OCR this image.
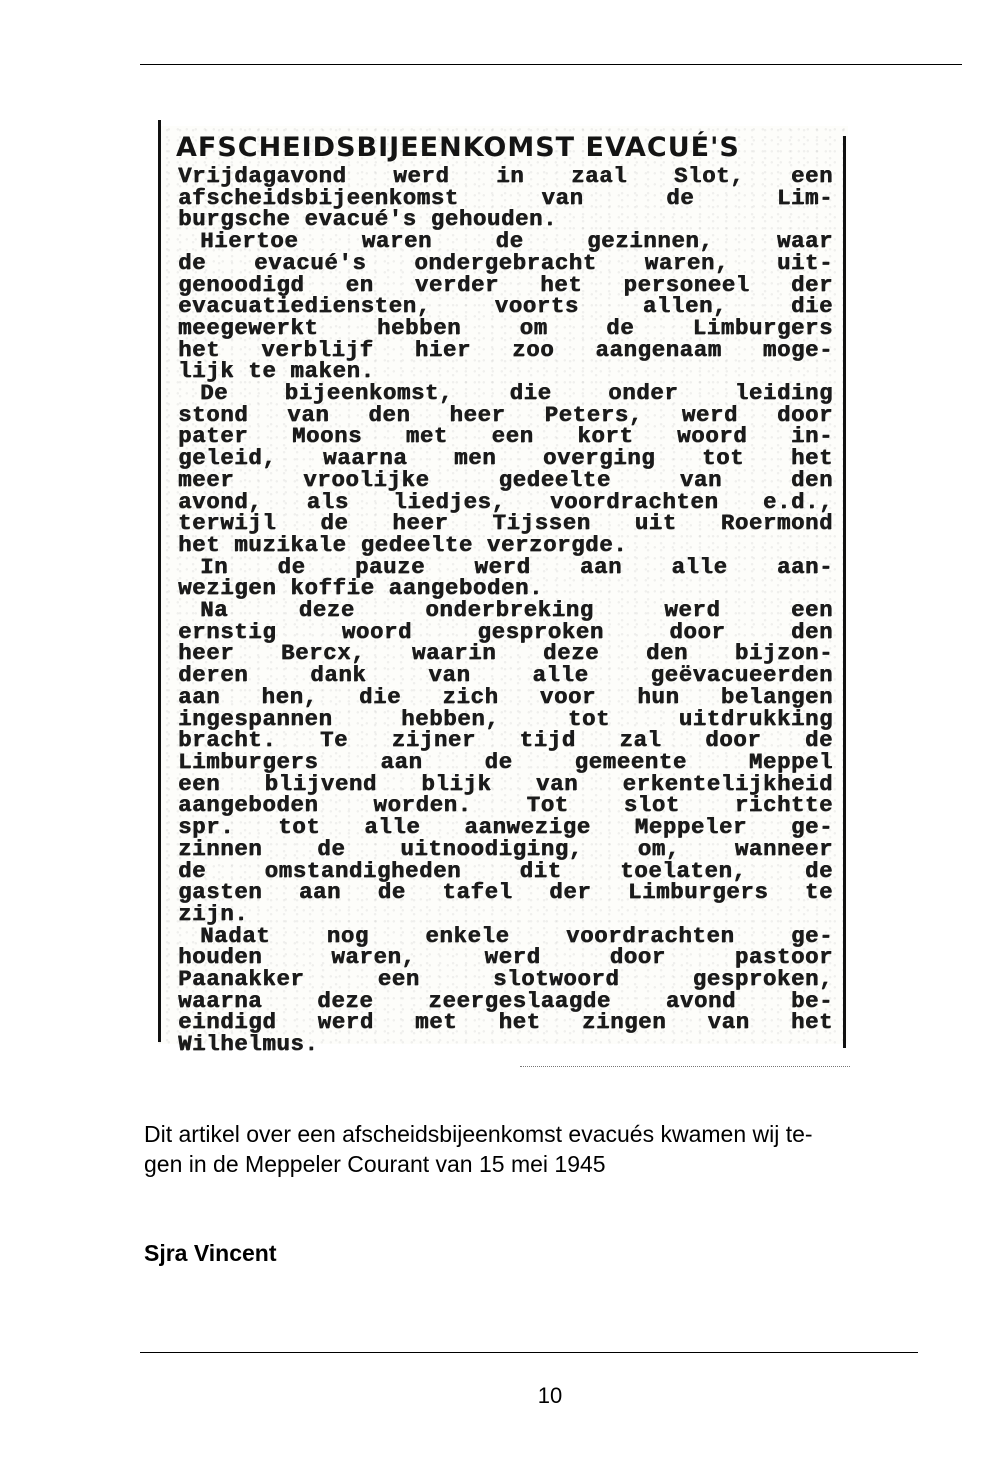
AFSCHEIDSBIJEENKOMST EVACUÉ'S
Vrijdagavond werd in zaal Slot, een
afscheidsbijeenkomst van de Lim-
burgsche evacué's gehouden.
Hiertoe waren de gezinnen, waar
de evacué's ondergebracht waren, uit-
genoodigd en verder het personeel der
evacuatiediensten, voorts allen, die
meegewerkt hebben om de Limburgers
het verblijf hier zoo aangenaam moge-
lijk te maken.
De bijeenkomst, die onder leiding
stond van den heer Peters, werd door
pater Moons met een kort woord in-
geleid, waarna men overging tot het
meer vroolijke gedeelte van den
avond, als liedjes, voordrachten e.d.,
terwijl de heer Tijssen uit Roermond
het muzikale gedeelte verzorgde.
In de pauze werd aan alle aan-
wezigen koffie aangeboden.
Na deze onderbreking werd een
ernstig woord gesproken door den
heer Bercx, waarin deze den bijzon-
deren dank van alle geëvacueerden
aan hen, die zich voor hun belangen
ingespannen hebben, tot uitdrukking
bracht. Te zijner tijd zal door de
Limburgers aan de gemeente Meppel
een blijvend blijk van erkentelijkheid
aangeboden worden. Tot slot richtte
spr. tot alle aanwezige Meppeler ge-
zinnen de uitnoodiging, om, wanneer
de omstandigheden dit toelaten, de
gasten aan de tafel der Limburgers te
zijn.
Nadat nog enkele voordrachten ge-
houden waren, werd door pastoor
Paanakker een slotwoord gesproken,
waarna deze zeergeslaagde avond be-
eindigd werd met het zingen van het
Wilhelmus.
Dit artikel over een afscheidsbijeenkomst evacués kwamen wij te-
gen in de Meppeler Courant van 15 mei 1945
Sjra Vincent
10
